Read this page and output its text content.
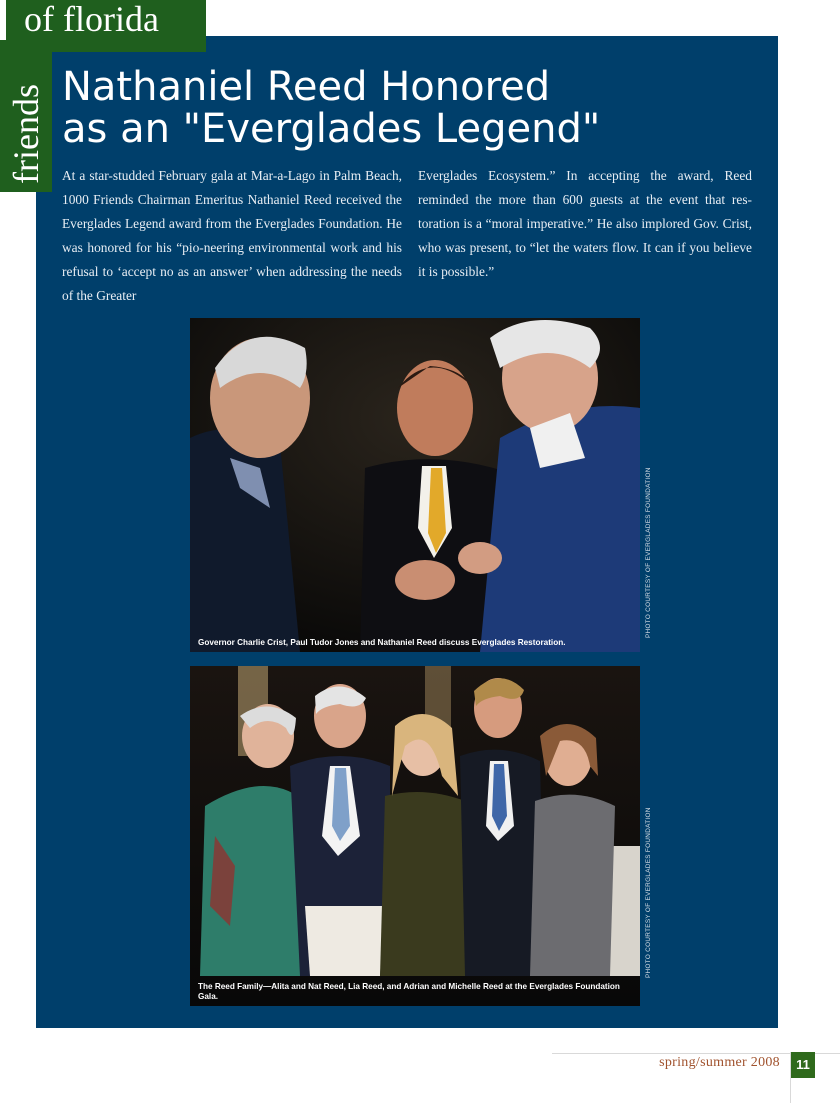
of florida
friends Nathaniel Reed Honored
as an "Everglades Legend"

At a star-studded February gala at Mar-a-Lago in Palm Beach, 1000 Friends Chairman Emeritus Nathaniel Reed received the Everglades Legend award from the Everglades Foundation. He was honored for his “pio-neering environmental work and his refusal to ‘accept no as an answer’ when addressing the needs of the Greater

Everglades Ecosystem.” In accepting the award, Reed reminded the more than 600 guests at the event that res-toration is a “moral imperative.” He also implored Gov. Crist, who was present, to “let the waters flow. It can if you believe it is possible.”

Governor Charlie Crist, Paul Tudor Jones and Nathaniel Reed discuss Everglades Restoration.
PHOTO COURTESY OF EVERGLADES FOUNDATION
The Reed Family—Alita and Nat Reed, Lia Reed, and Adrian and Michelle Reed at the Everglades Foundation Gala.
PHOTO COURTESY OF EVERGLADES FOUNDATION
spring/summer 2008	11
